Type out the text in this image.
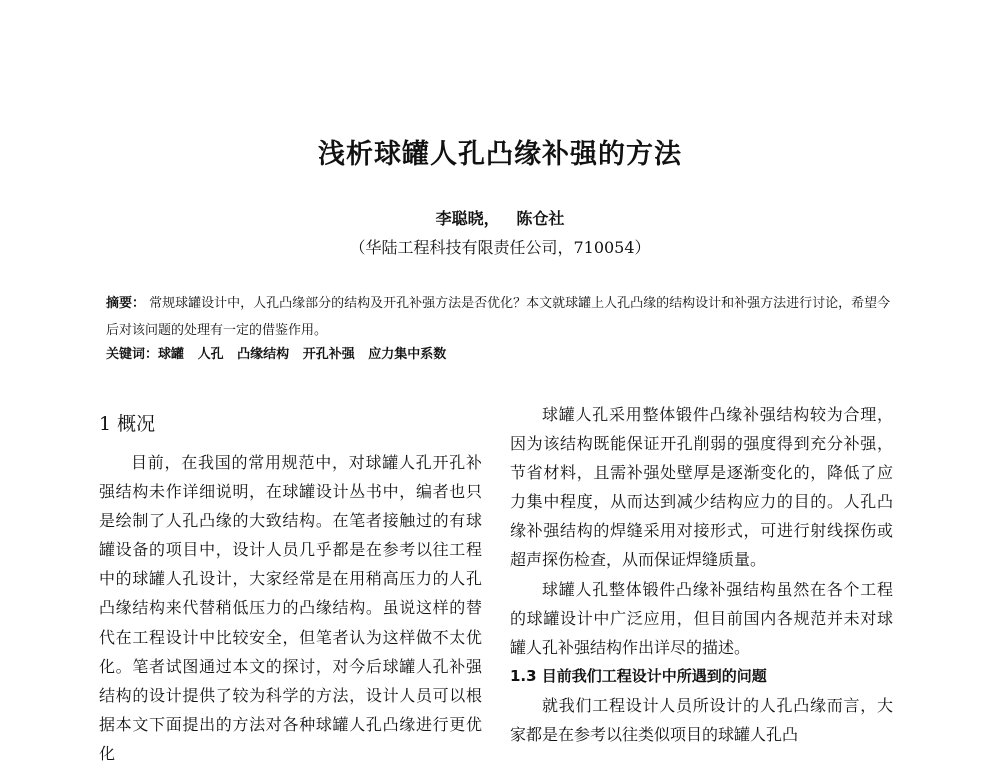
浅析球罐人孔凸缘补强的方法
李聪晓，   陈仓社
（华陆工程科技有限责任公司，710054）
摘要： 常规球罐设计中，人孔凸缘部分的结构及开孔补强方法是否优化？本文就球罐上人孔凸缘的结构设计和补强方法进行讨论，希望今后对该问题的处理有一定的借鉴作用。
关键词：球罐   人孔   凸缘结构   开孔补强   应力集中系数
1 概况

目前，在我国的常用规范中，对球罐人孔开孔补强结构未作详细说明，在球罐设计丛书中，编者也只是绘制了人孔凸缘的大致结构。在笔者接触过的有球罐设备的项目中，设计人员几乎都是在参考以往工程中的球罐人孔设计，大家经常是在用稍高压力的人孔凸缘结构来代替稍低压力的凸缘结构。虽说这样的替代在工程设计中比较安全，但笔者认为这样做不太优化。笔者试图通过本文的探讨，对今后球罐人孔补强结构的设计提供了较为科学的方法，设计人员可以根据本文下面提出的方法对各种球罐人孔凸缘进行更优化

球罐人孔采用整体锻件凸缘补强结构较为合理，因为该结构既能保证开孔削弱的强度得到充分补强，节省材料，且需补强处壁厚是逐渐变化的，降低了应力集中程度，从而达到减少结构应力的目的。人孔凸缘补强结构的焊缝采用对接形式，可进行射线探伤或超声探伤检查，从而保证焊缝质量。

球罐人孔整体锻件凸缘补强结构虽然在各个工程的球罐设计中广泛应用，但目前国内各规范并未对球罐人孔补强结构作出详尽的描述。

1.3 目前我们工程设计中所遇到的问题

就我们工程设计人员所设计的人孔凸缘而言，大家都是在参考以往类似项目的球罐人孔凸
